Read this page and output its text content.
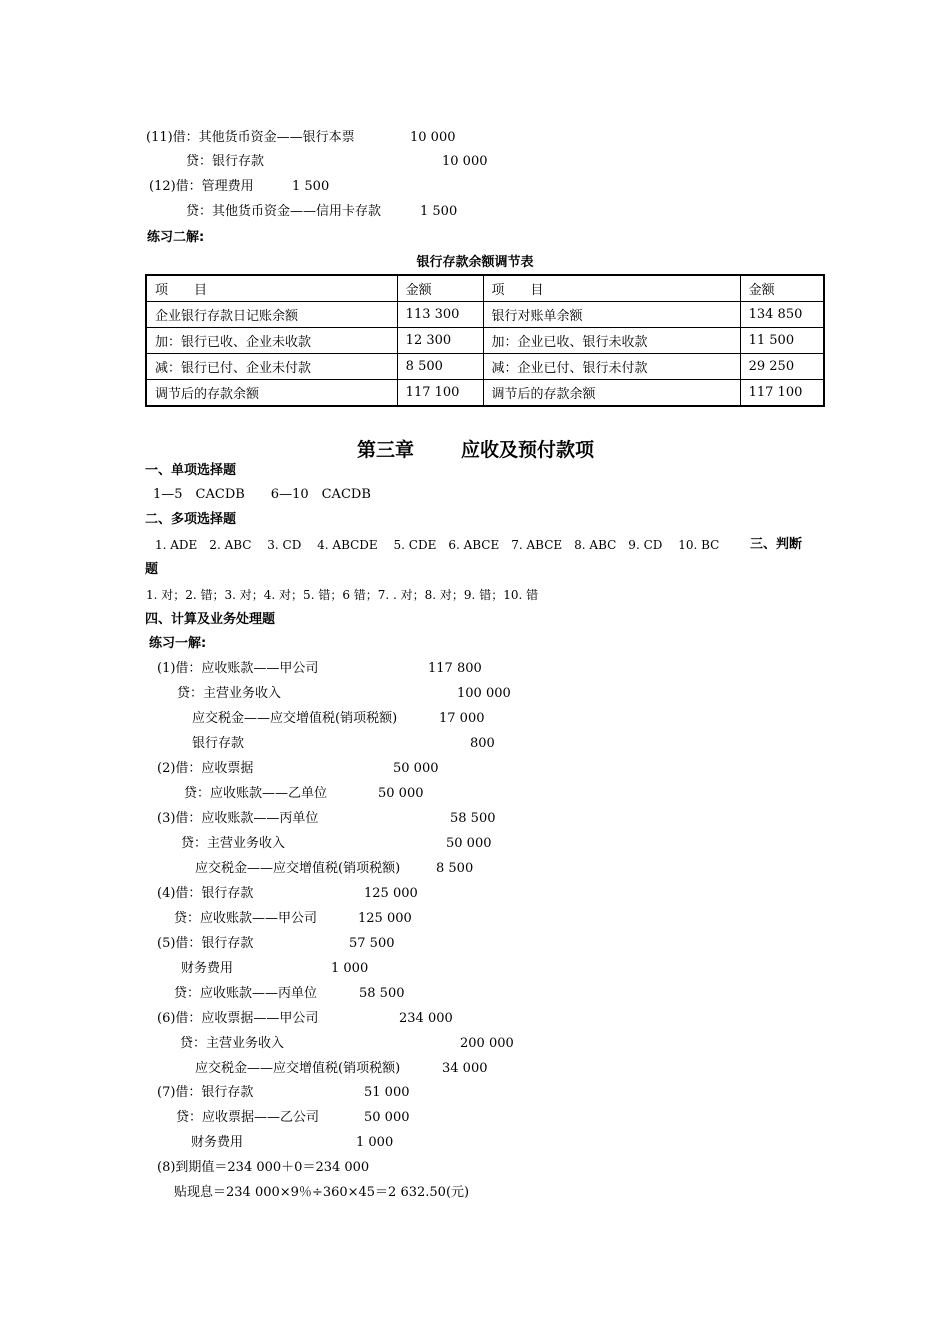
(11)借：其他货币资金——银行本票	10 000
贷：银行存款	10 000
(12)借：管理费用	1 500
贷：其他货币资金——信用卡存款	1 500
练习二解:
银行存款余额调节表
项　　目	金额	项　　目	金额
企业银行存款日记账余额	113 300	银行对账单余额	134 850
加：银行已收、企业未收款	12 300	加：企业已收、银行未收款	11 500
减：银行已付、企业未付款	8 500	减：企业已付、银行未付款	29 250
调节后的存款余额	117 100	调节后的存款余额	117 100
第三章 应收及预付款项
一、单项选择题
1—5　CACDB　　6—10　CACDB
二、多项选择题
1. ADE　2. ABC　 3. CD　 4. ABCDE　 5. CDE　6. ABCE　7. ABCE　8. ABC　9. CD　 10. BC 三、判断
题
1. 对；2. 错；3. 对；4. 对；5. 错；6 错；7. . 对；8. 对；9. 错；10. 错
四、计算及业务处理题
练习一解:
(1)借：应收账款——甲公司	117 800
贷：主营业务收入	100 000
应交税金——应交增值税(销项税额)	17 000
银行存款	800
(2)借：应收票据	50 000
贷：应收账款——乙单位	50 000
(3)借：应收账款——丙单位	58 500
贷：主营业务收入	50 000
应交税金——应交增值税(销项税额)	8 500
(4)借：银行存款	125 000
贷：应收账款——甲公司	125 000
(5)借：银行存款	57 500
财务费用	1 000
贷：应收账款——丙单位	58 500
(6)借：应收票据——甲公司	234 000
贷：主营业务收入	200 000
应交税金——应交增值税(销项税额)	34 000
(7)借：银行存款	51 000
贷：应收票据——乙公司	50 000
财务费用	1 000
(8)到期值＝234 000＋0＝234 000
贴现息＝234 000×9％÷360×45＝2 632.50(元)
